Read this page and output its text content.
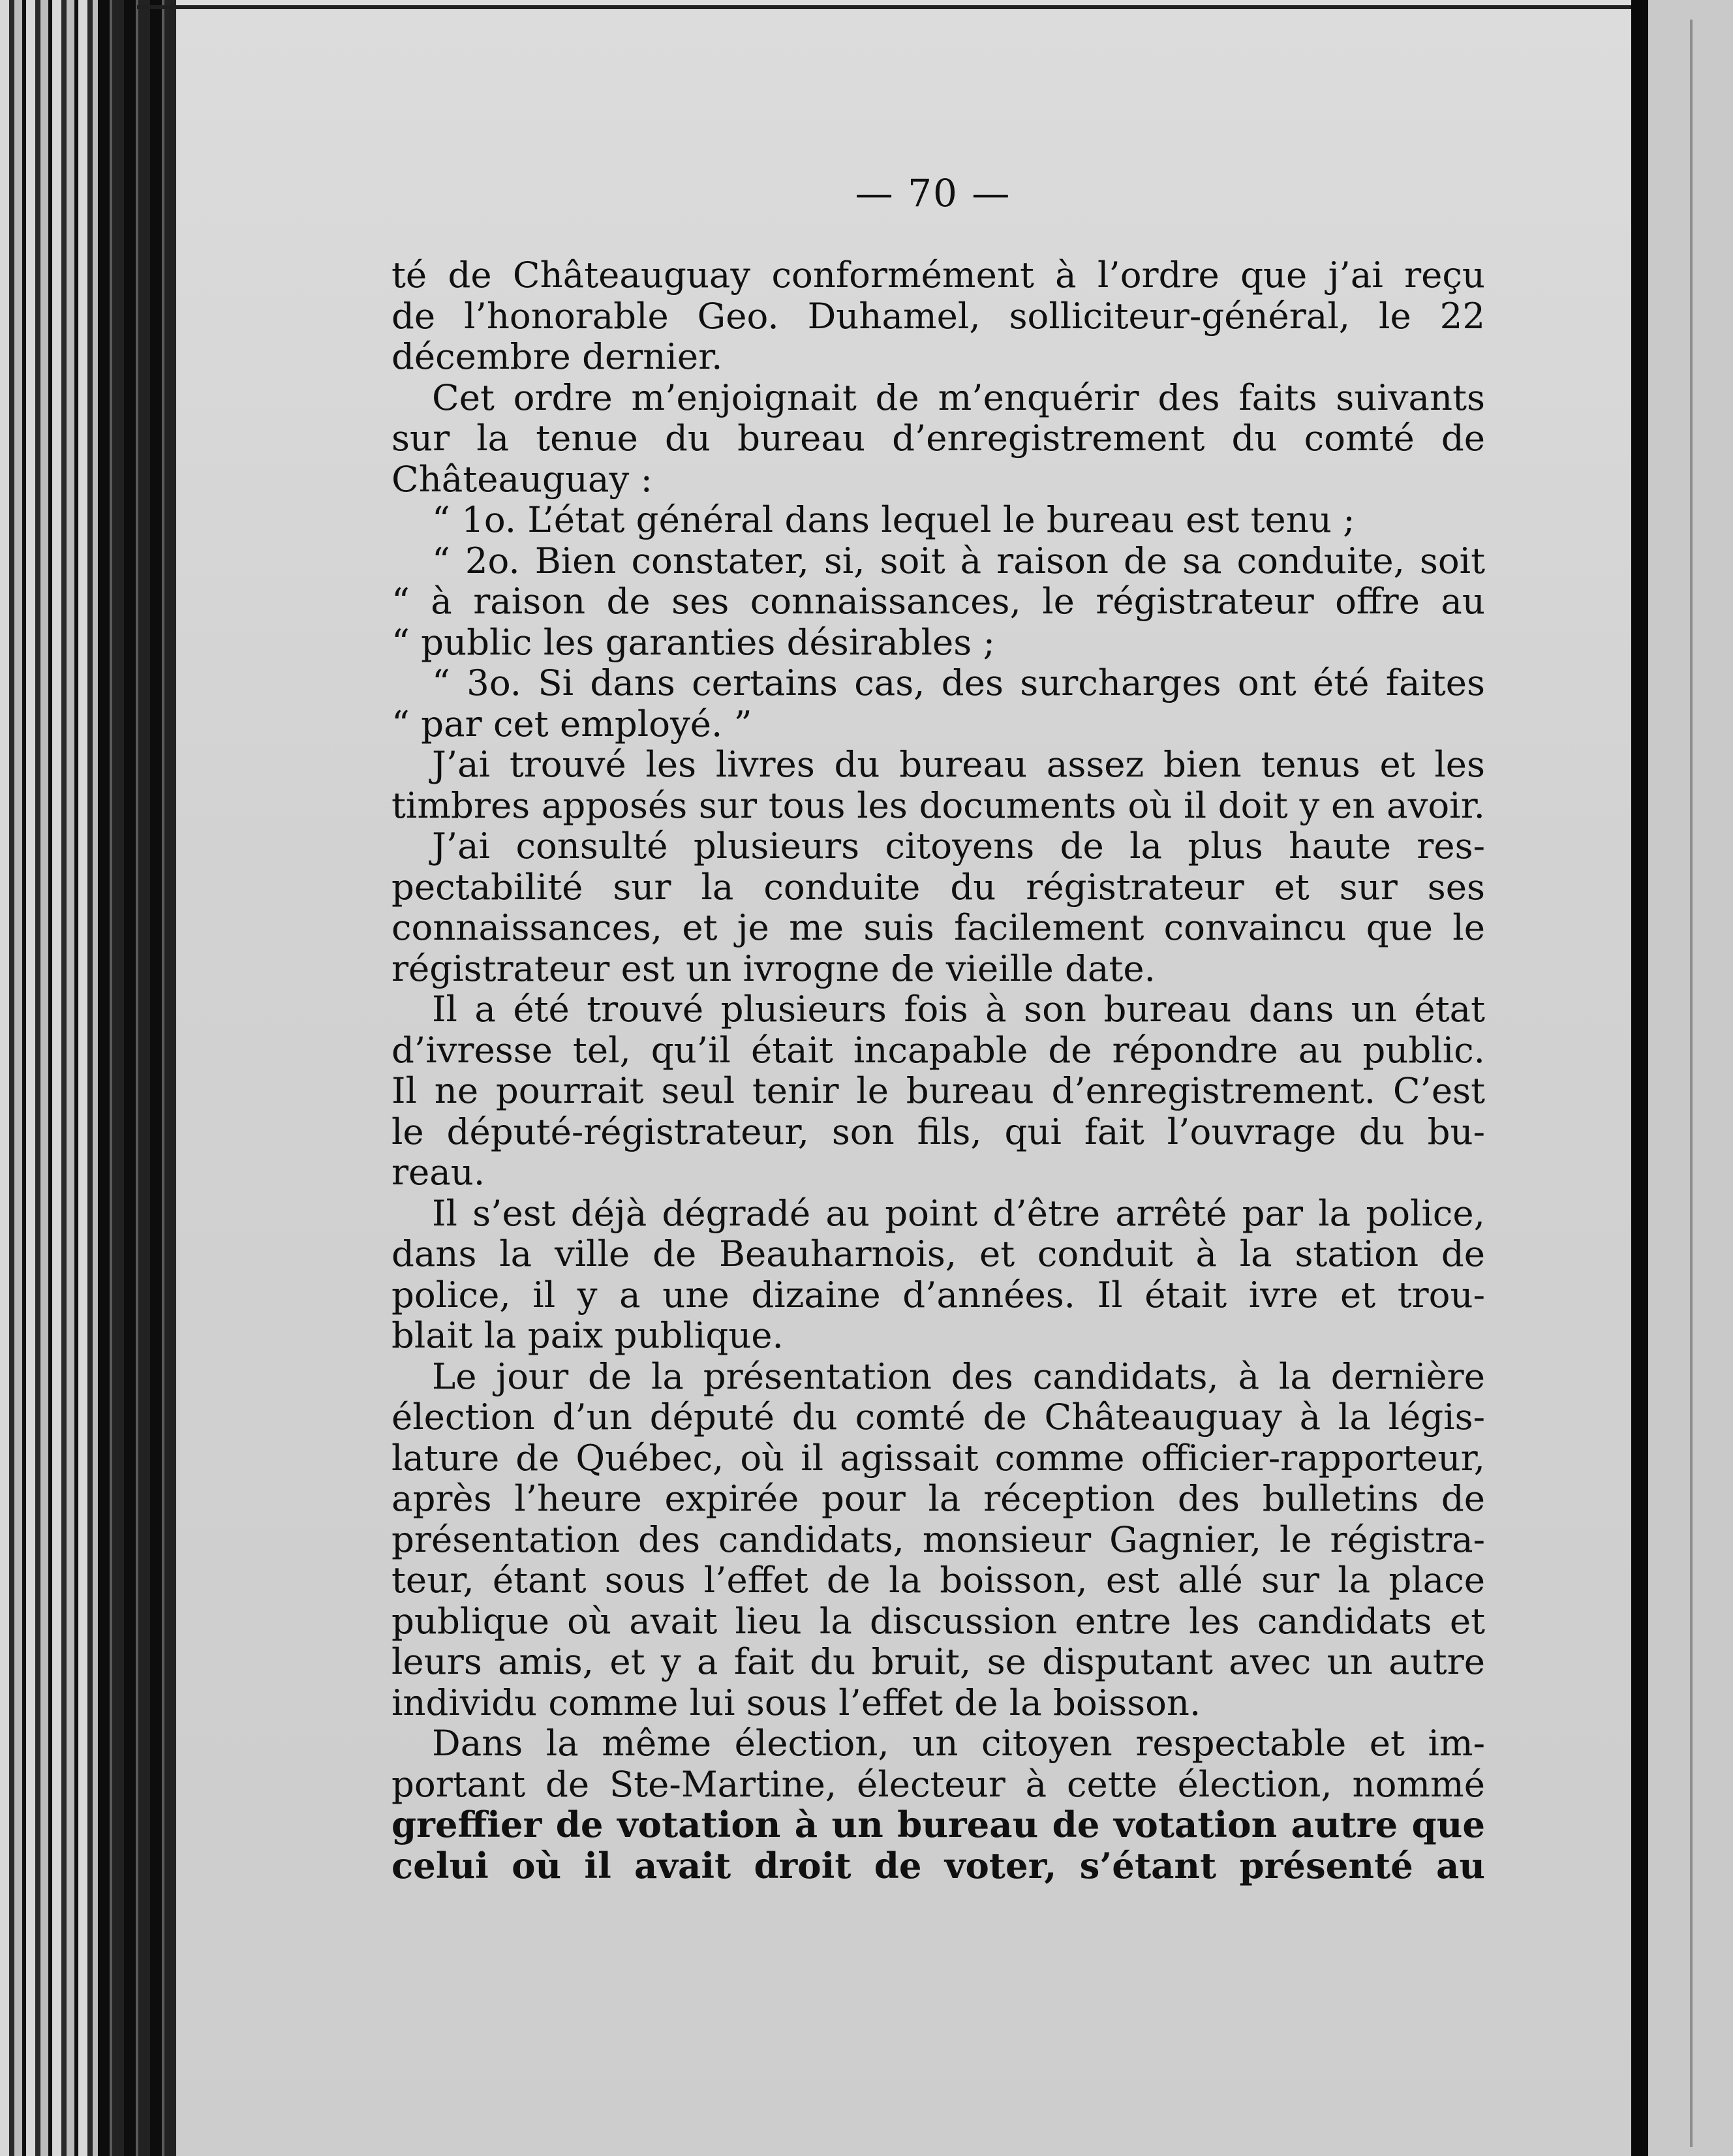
— 70 —
té de Châteauguay conformément à l’ordre que j’ai reçu
de l’honorable Geo. Duhamel, solliciteur-général, le 22
décembre dernier.
Cet ordre m’enjoignait de m’enquérir des faits suivants
sur la tenue du bureau d’enregistrement du comté de
Châteauguay :
“ 1o. L’état général dans lequel le bureau est tenu ;
“ 2o. Bien constater, si, soit à raison de sa conduite, soit
“ à raison de ses connaissances, le régistrateur offre au
“ public les garanties désirables ;
“ 3o. Si dans certains cas, des surcharges ont été faites
“ par cet employé. ”
J’ai trouvé les livres du bureau assez bien tenus et les
timbres apposés sur tous les documents où il doit y en avoir.
J’ai consulté plusieurs citoyens de la plus haute res-
pectabilité sur la conduite du régistrateur et sur ses
connaissances, et je me suis facilement convaincu que le
régistrateur est un ivrogne de vieille date.
Il a été trouvé plusieurs fois à son bureau dans un état
d’ivresse tel, qu’il était incapable de répondre au public.
Il ne pourrait seul tenir le bureau d’enregistrement. C’est
le député-régistrateur, son fils, qui fait l’ouvrage du bu-
reau.
Il s’est déjà dégradé au point d’être arrêté par la police,
dans la ville de Beauharnois, et conduit à la station de
police, il y a une dizaine d’années. Il était ivre et trou-
blait la paix publique.
Le jour de la présentation des candidats, à la dernière
élection d’un député du comté de Châteauguay à la légis-
lature de Québec, où il agissait comme officier-rapporteur,
après l’heure expirée pour la réception des bulletins de
présentation des candidats, monsieur Gagnier, le régistra-
teur, étant sous l’effet de la boisson, est allé sur la place
publique où avait lieu la discussion entre les candidats et
leurs amis, et y a fait du bruit, se disputant avec un autre
individu comme lui sous l’effet de la boisson.
Dans la même élection, un citoyen respectable et im-
portant de Ste-Martine, électeur à cette élection, nommé
greffier de votation à un bureau de votation autre que
celui où il avait droit de voter, s’étant présenté au
